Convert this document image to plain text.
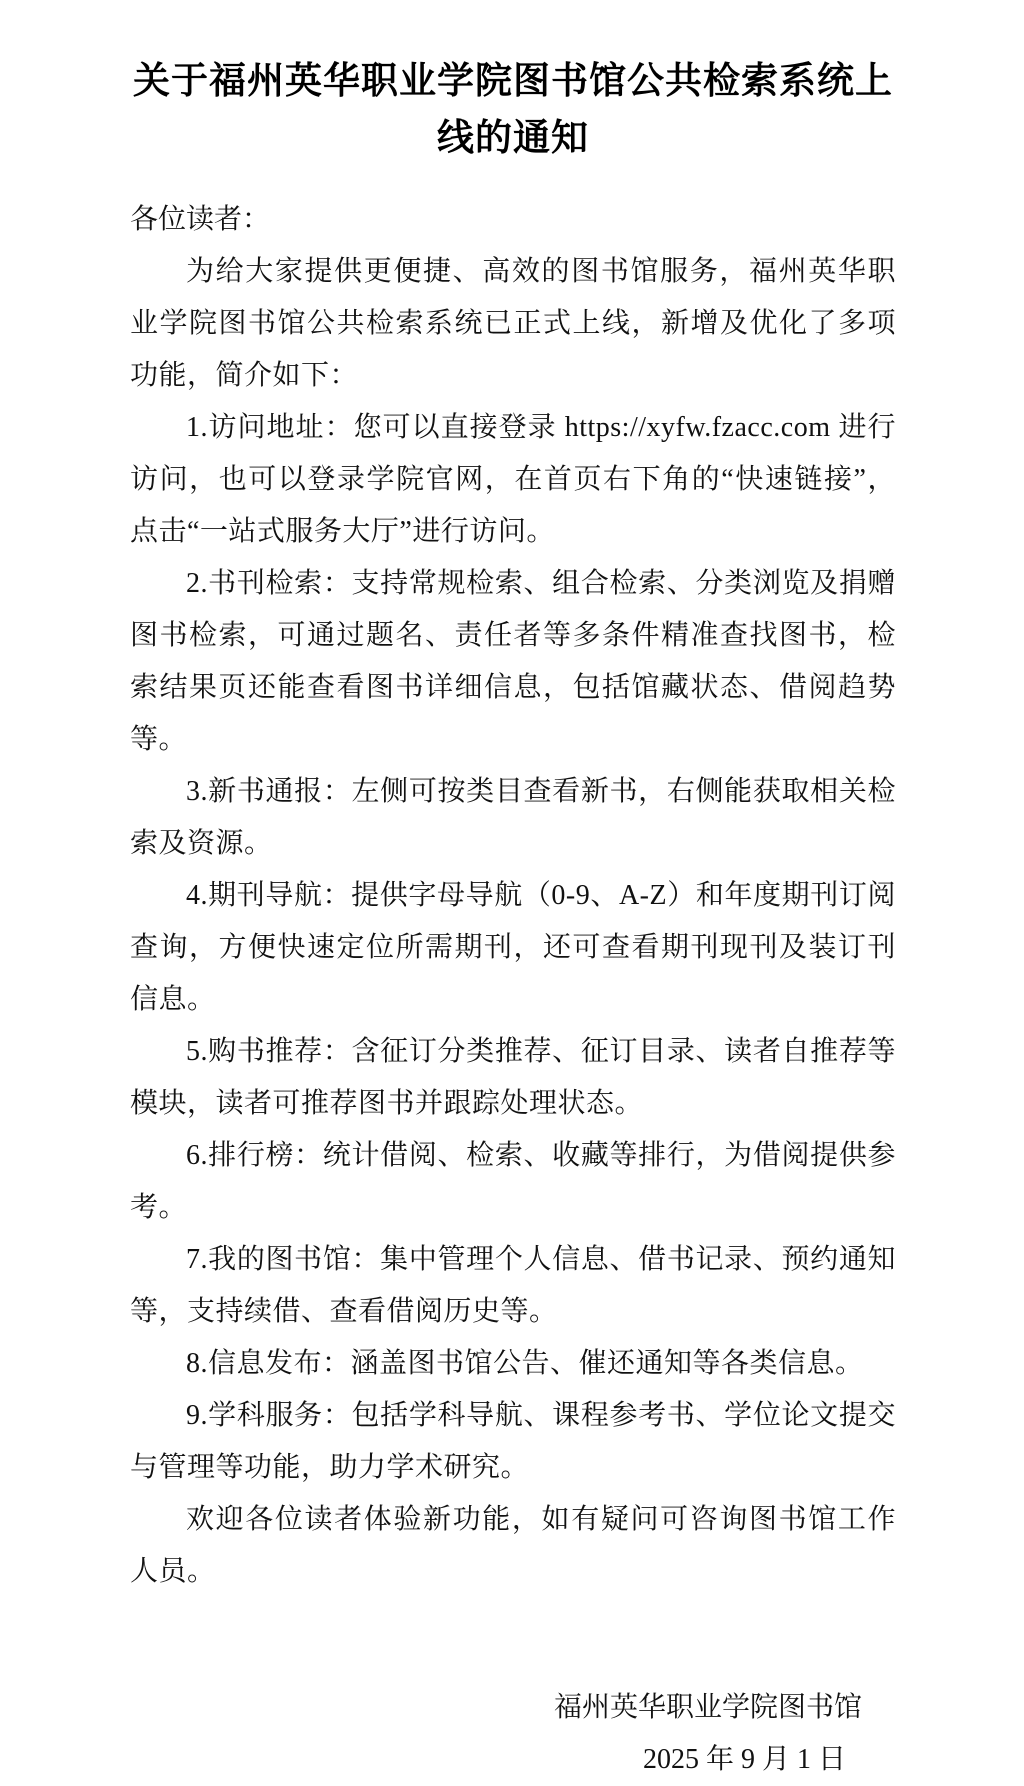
关于福州英华职业学院图书馆公共检索系统上线的通知

各位读者：

为给大家提供更便捷、高效的图书馆服务，福州英华职业学院图书馆公共检索系统已正式上线，新增及优化了多项功能，简介如下：

1.访问地址：您可以直接登录 https://xyfw.fzacc.com 进行访问，也可以登录学院官网，在首页右下角的“快速链接”，点击“一站式服务大厅”进行访问。

2.书刊检索：支持常规检索、组合检索、分类浏览及捐赠图书检索，可通过题名、责任者等多条件精准查找图书，检索结果页还能查看图书详细信息，包括馆藏状态、借阅趋势等。

3.新书通报：左侧可按类目查看新书，右侧能获取相关检索及资源。

4.期刊导航：提供字母导航（0-9、A-Z）和年度期刊订阅查询，方便快速定位所需期刊，还可查看期刊现刊及装订刊信息。

5.购书推荐：含征订分类推荐、征订目录、读者自推荐等模块，读者可推荐图书并跟踪处理状态。

6.排行榜：统计借阅、检索、收藏等排行，为借阅提供参考。

7.我的图书馆：集中管理个人信息、借书记录、预约通知等，支持续借、查看借阅历史等。

8.信息发布：涵盖图书馆公告、催还通知等各类信息。

9.学科服务：包括学科导航、课程参考书、学位论文提交与管理等功能，助力学术研究。

欢迎各位读者体验新功能，如有疑问可咨询图书馆工作人员。

福州英华职业学院图书馆

2025 年 9 月 1 日
